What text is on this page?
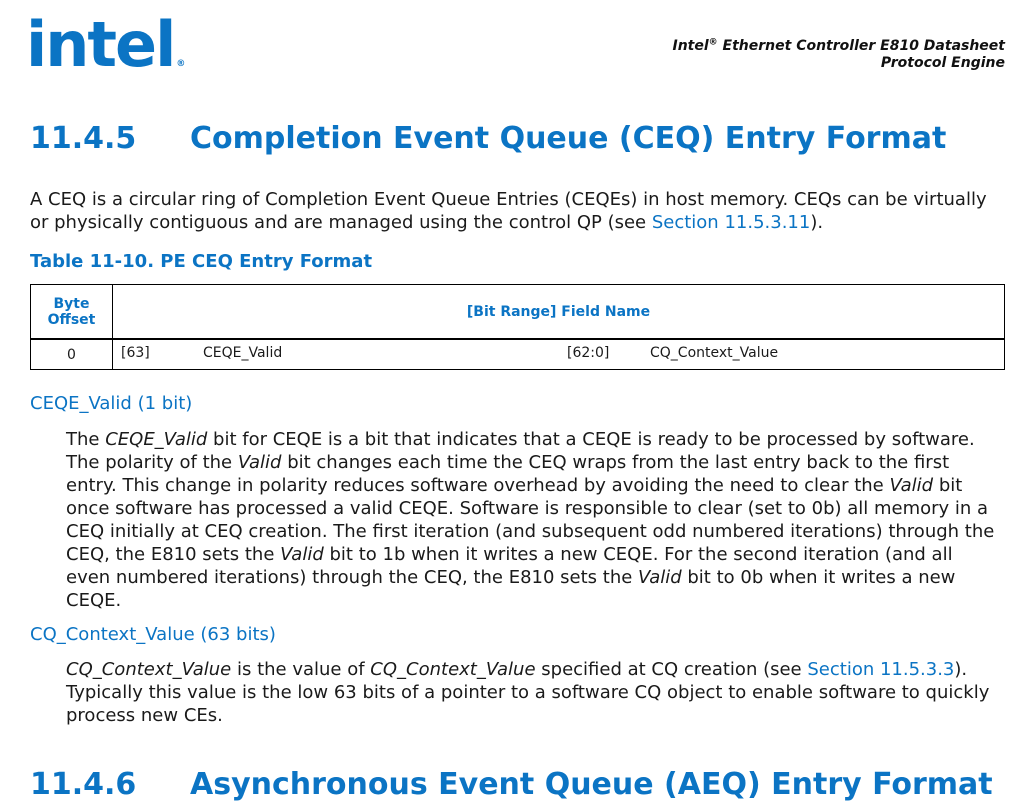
intel ®
Intel® Ethernet Controller E810 Datasheet
Protocol Engine
11.4.5 Completion Event Queue (CEQ) Entry Format
A CEQ is a circular ring of Completion Event Queue Entries (CEQEs) in host memory. CEQs can be virtually or physically contiguous and are managed using the control QP (see Section 11.5.3.11).
Table 11-10. PE CEQ Entry Format
Byte
Offset	[Bit Range] Field Name
0	[63] CEQE_Valid [62:0] CQ_Context_Value
CEQE_Valid (1 bit)
The CEQE_Valid bit for CEQE is a bit that indicates that a CEQE is ready to be processed by software. The polarity of the Valid bit changes each time the CEQ wraps from the last entry back to the first entry. This change in polarity reduces software overhead by avoiding the need to clear the Valid bit once software has processed a valid CEQE. Software is responsible to clear (set to 0b) all memory in a CEQ initially at CEQ creation. The first iteration (and subsequent odd numbered iterations) through the CEQ, the E810 sets the Valid bit to 1b when it writes a new CEQE. For the second iteration (and all even numbered iterations) through the CEQ, the E810 sets the Valid bit to 0b when it writes a new CEQE.
CQ_Context_Value (63 bits)
CQ_Context_Value is the value of CQ_Context_Value specified at CQ creation (see Section 11.5.3.3). Typically this value is the low 63 bits of a pointer to a software CQ object to enable software to quickly process new CEs.
11.4.6 Asynchronous Event Queue (AEQ) Entry Format
